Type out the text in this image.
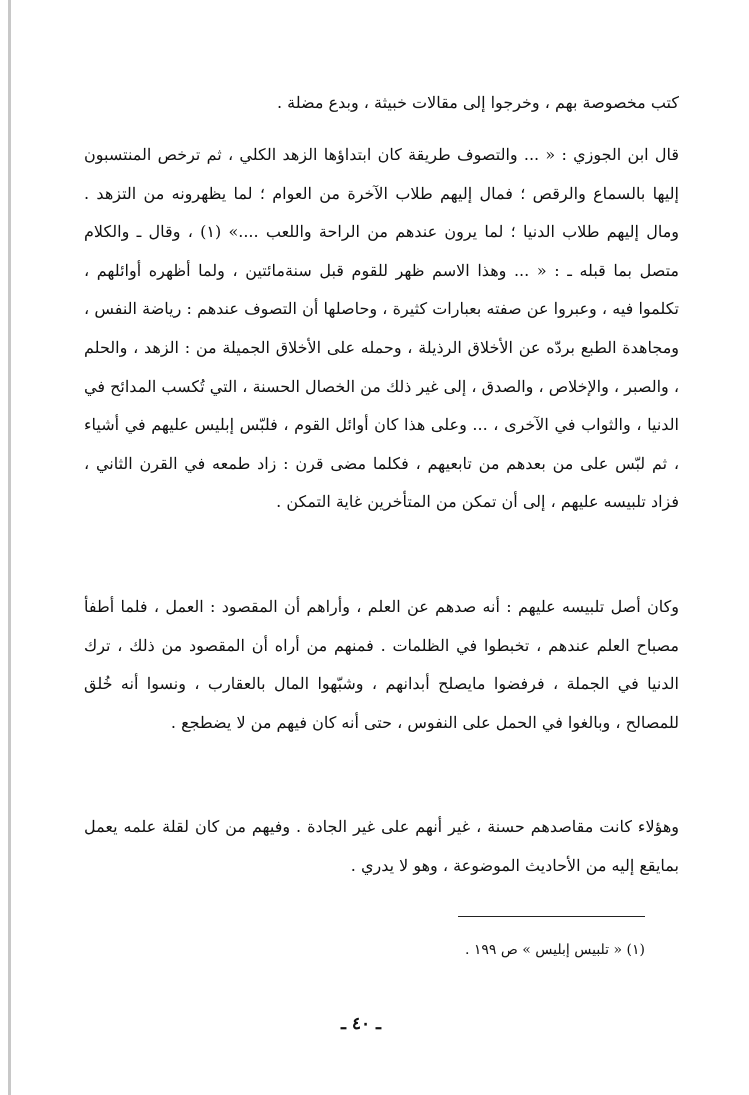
كتب مخصوصة بهم ، وخرجوا إلى مقالات خبيثة ، وبدع مضلة .

قال ابن الجوزي : « ... والتصوف طريقة كان ابتداؤها الزهد الكلي ، ثم ترخص المنتسبون إليها بالسماع والرقص ؛ فمال إليهم طلاب الآخرة من العوام ؛ لما يظهرونه من التزهد . ومال إليهم طلاب الدنيا ؛ لما يرون عندهم من الراحة واللعب ....» (١) ، وقال ـ والكلام متصل بما قبله ـ : « ... وهذا الاسم ظهر للقوم قبل سنةمائتين ، ولما أظهره أوائلهم ، تكلموا فيه ، وعبروا عن صفته بعبارات كثيرة ، وحاصلها أن التصوف عندهم : رياضة النفس ، ومجاهدة الطبع بردّه عن الأخلاق الرذيلة ، وحمله على الأخلاق الجميلة من : الزهد ، والحلم ، والصبر ، والإخلاص ، والصدق ، إلى غير ذلك من الخصال الحسنة ، التي تُكسب المدائح في الدنيا ، والثواب في الآخرى ، ... وعلى هذا كان أوائل القوم ، فلبّس إبليس عليهم في أشياء ، ثم لبّس على من بعدهم من تابعيهم ، فكلما مضى قرن : زاد طمعه في القرن الثاني ، فزاد تلبيسه عليهم ، إلى أن تمكن من المتأخرين غاية التمكن .

وكان أصل تلبيسه عليهم : أنه صدهم عن العلم ، وأراهم أن المقصود : العمل ، فلما أطفأ مصباح العلم عندهم ، تخبطوا في الظلمات . فمنهم من أراه أن المقصود من ذلك ، ترك الدنيا في الجملة ، فرفضوا مايصلح أبدانهم ، وشبّهوا المال بالعقارب ، ونسوا أنه خُلق للمصالح ، وبالغوا في الحمل على النفوس ، حتى أنه كان فيهم من لا يضطجع .

وهؤلاء كانت مقاصدهم حسنة ، غير أنهم على غير الجادة . وفيهم من كان لقلة علمه يعمل بمايقع إليه من الأحاديث الموضوعة ، وهو لا يدري .

(١) « تلبيس إبليس » ص ١٩٩ .
ـ ٤٠ ـ
